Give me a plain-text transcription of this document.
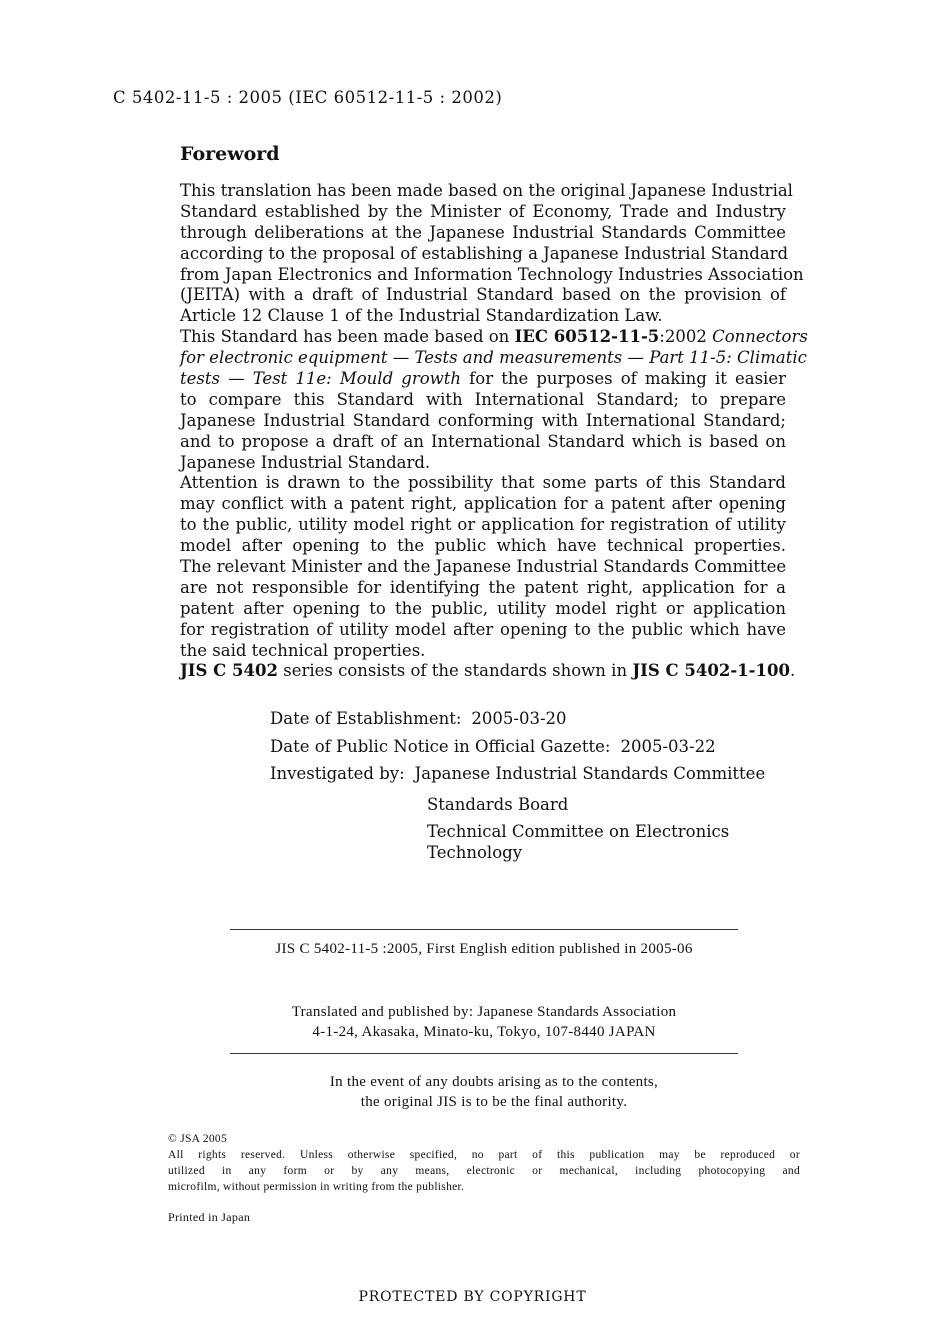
C 5402-11-5 : 2005 (IEC 60512-11-5 : 2002)
Foreword
This translation has been made based on the original Japanese Industrial
Standard established by the Minister of Economy, Trade and Industry
through deliberations at the Japanese Industrial Standards Committee
according to the proposal of establishing a Japanese Industrial Standard
from Japan Electronics and Information Technology Industries Association
(JEITA) with a draft of Industrial Standard based on the provision of
Article 12 Clause 1 of the Industrial Standardization Law.
This Standard has been made based on IEC 60512-11-5:2002 Connectors
for electronic equipment — Tests and measurements — Part 11-5: Climatic
tests — Test 11e: Mould growth for the purposes of making it easier
to compare this Standard with International Standard; to prepare
Japanese Industrial Standard conforming with International Standard;
and to propose a draft of an International Standard which is based on
Japanese Industrial Standard.
Attention is drawn to the possibility that some parts of this Standard
may conflict with a patent right, application for a patent after opening
to the public, utility model right or application for registration of utility
model after opening to the public which have technical properties.
The relevant Minister and the Japanese Industrial Standards Committee
are not responsible for identifying the patent right, application for a
patent after opening to the public, utility model right or application
for registration of utility model after opening to the public which have
the said technical properties.
JIS C 5402 series consists of the standards shown in JIS C 5402-1-100.
Date of Establishment: 2005-03-20
Date of Public Notice in Official Gazette: 2005-03-22
Investigated by: Japanese Industrial Standards Committee
Standards Board
Technical Committee on Electronics
Technology
JIS C 5402-11-5 :2005, First English edition published in 2005-06
Translated and published by: Japanese Standards Association
4-1-24, Akasaka, Minato-ku, Tokyo, 107-8440 JAPAN
In the event of any doubts arising as to the contents,
the original JIS is to be the final authority.
© JSA 2005
All rights reserved. Unless otherwise specified, no part of this publication may be reproduced or
utilized in any form or by any means, electronic or mechanical, including photocopying and
microfilm, without permission in writing from the publisher.
Printed in Japan
PROTECTED BY COPYRIGHT
